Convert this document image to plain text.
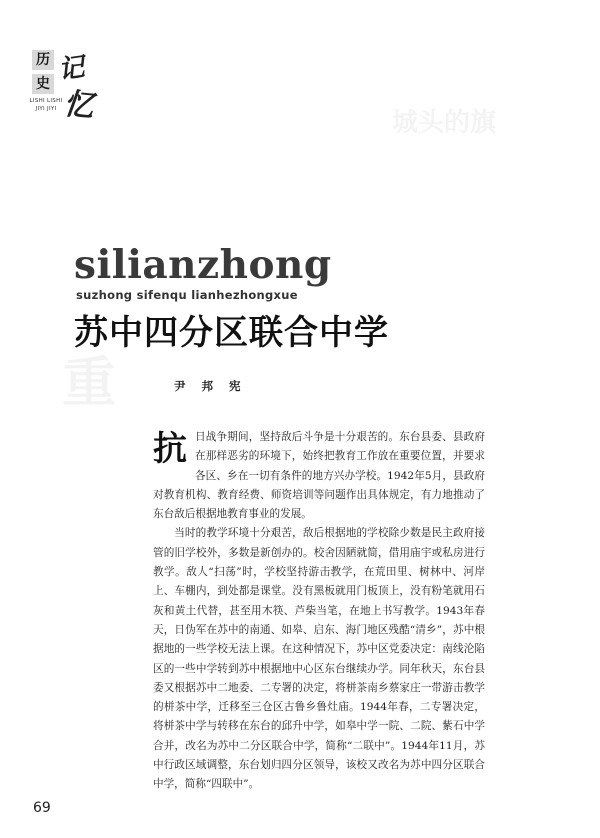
历
史 记
忆
LISHI LISHI
JIYI JIYI
silianzhong
suzhong sifenqu lianhezhongxue
苏中四分区联合中学
尹 邦 宪

抗日战争期间，坚持敌后斗争是十分艰苦的。东台县委、县政府在那样恶劣的环境下，始终把教育工作放在重要位置，并要求各区、乡在一切有条件的地方兴办学校。1942年5月，县政府对教育机构、教育经费、师资培训等问题作出具体规定，有力地推动了东台敌后根据地教育事业的发展。

当时的教学环境十分艰苦，敌后根据地的学校除少数是民主政府接管的旧学校外，多数是新创办的。校舍因陋就简，借用庙宇或私房进行教学。敌人“扫荡”时，学校坚持游击教学，在荒田里、树林中、河岸上、车棚内，到处都是课堂。没有黑板就用门板顶上，没有粉笔就用石灰和黄土代替，甚至用木筷、芦柴当笔，在地上书写教学。1943年春天，日伪军在苏中的南通、如皋、启东、海门地区残酷“清乡”，苏中根据地的一些学校无法上课。在这种情况下，苏中区党委决定：南线沦陷区的一些中学转到苏中根据地中心区东台继续办学。同年秋天，东台县委又根据苏中二地委、二专署的决定，将栟茶南乡蔡家庄一带游击教学的栟茶中学，迁移至三仓区古鲁乡鲁灶庙。1944年春，二专署决定，将栟茶中学与转移在东台的邱升中学，如皋中学一院、二院、紫石中学合并，改名为苏中二分区联合中学，简称“二联中”。1944年11月，苏中行政区域调整，东台划归四分区领导，该校又改名为苏中四分区联合中学，简称“四联中”。

69
